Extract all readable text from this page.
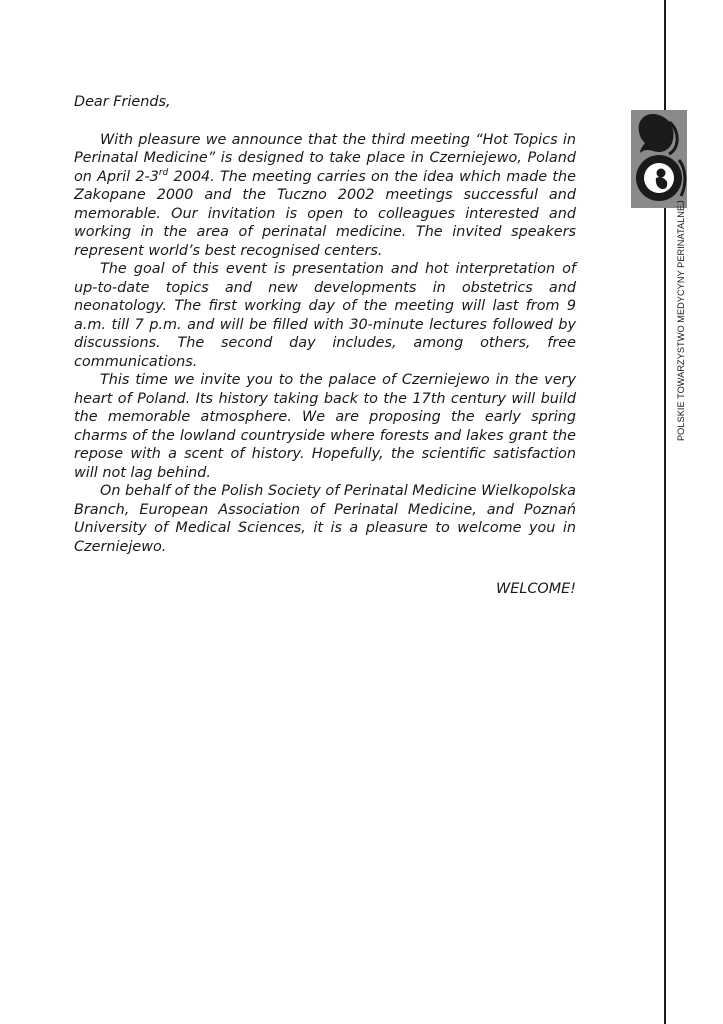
Dear Friends,

With pleasure we announce that the third meeting “Hot Topics in Perinatal Medicine” is designed to take place in Czerniejewo, Poland on April 2-3rd 2004. The meeting carries on the idea which made the Zakopane 2000 and the Tuczno 2002 meetings successful and memorable. Our invitation is open to colleagues interested and working in the area of perinatal medicine. The invited speakers represent world’s best recognised centers.

The goal of this event is presentation and hot interpretation of up-to-date topics and new developments in obstetrics and neonatology. The first working day of the meeting will last from 9 a.m. till 7 p.m. and will be filled with 30-minute lectures followed by discussions. The second day includes, among others, free communications.

This time we invite you to the palace of Czerniejewo in the very heart of Poland. Its history taking back to the 17th century will build the memorable atmosphere. We are proposing the early spring charms of the lowland countryside where forests and lakes grant the repose with a scent of history. Hopefully, the scientific satisfaction will not lag behind.

On behalf of the Polish Society of Perinatal Medicine Wielkopolska Branch, European Association of Perinatal Medicine, and Poznań University of Medical Sciences, it is a pleasure to welcome you in Czerniejewo.

WELCOME!

POLSKIE TOWARZYSTWO MEDYCYNY PERINATALNEJ
